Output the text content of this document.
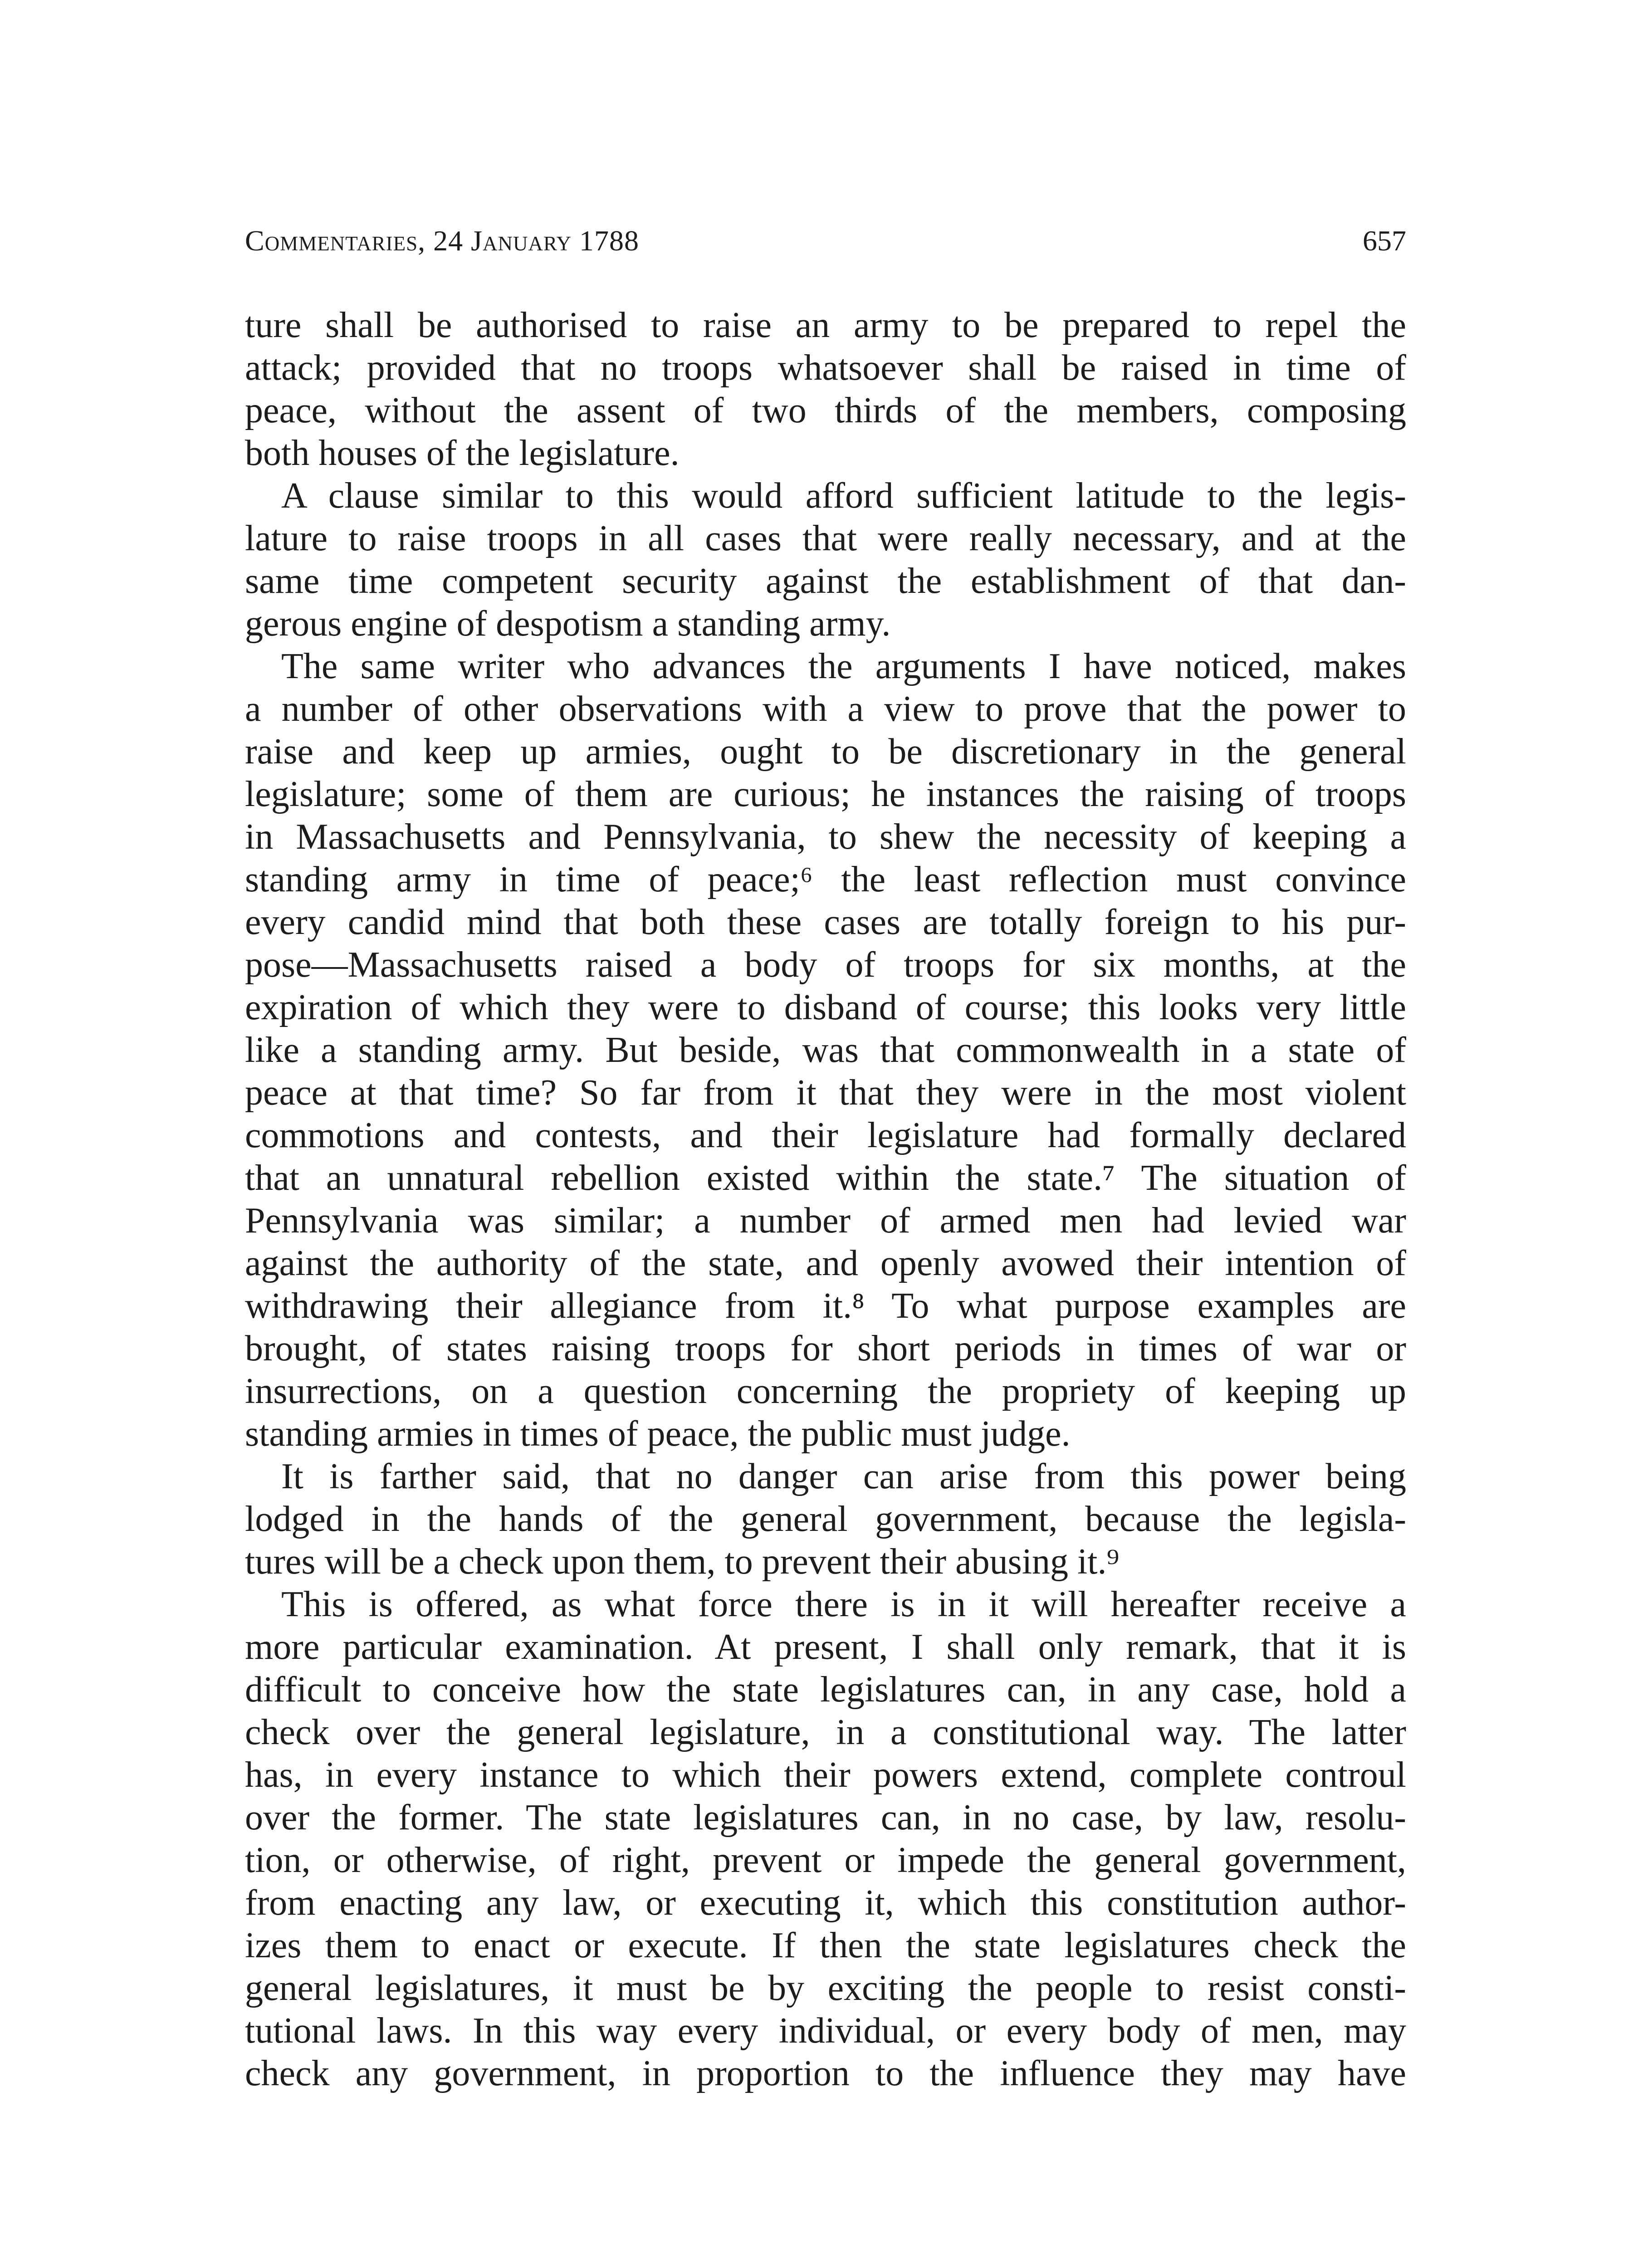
Commentaries, 24 January 1788	657
ture shall be authorised to raise an army to be prepared to repel the
attack; provided that no troops whatsoever shall be raised in time of
peace, without the assent of two thirds of the members, composing
both houses of the legislature.
A clause similar to this would afford sufficient latitude to the legis-
lature to raise troops in all cases that were really necessary, and at the
same time competent security against the establishment of that dan-
gerous engine of despotism a standing army.
The same writer who advances the arguments I have noticed, makes
a number of other observations with a view to prove that the power to
raise and keep up armies, ought to be discretionary in the general
legislature; some of them are curious; he instances the raising of troops
in Massachusetts and Pennsylvania, to shew the necessity of keeping a
standing army in time of peace;⁶ the least reflection must convince
every candid mind that both these cases are totally foreign to his pur-
pose—Massachusetts raised a body of troops for six months, at the
expiration of which they were to disband of course; this looks very little
like a standing army. But beside, was that commonwealth in a state of
peace at that time? So far from it that they were in the most violent
commotions and contests, and their legislature had formally declared
that an unnatural rebellion existed within the state.⁷ The situation of
Pennsylvania was similar; a number of armed men had levied war
against the authority of the state, and openly avowed their intention of
withdrawing their allegiance from it.⁸ To what purpose examples are
brought, of states raising troops for short periods in times of war or
insurrections, on a question concerning the propriety of keeping up
standing armies in times of peace, the public must judge.
It is farther said, that no danger can arise from this power being
lodged in the hands of the general government, because the legisla-
tures will be a check upon them, to prevent their abusing it.⁹
This is offered, as what force there is in it will hereafter receive a
more particular examination. At present, I shall only remark, that it is
difficult to conceive how the state legislatures can, in any case, hold a
check over the general legislature, in a constitutional way. The latter
has, in every instance to which their powers extend, complete controul
over the former. The state legislatures can, in no case, by law, resolu-
tion, or otherwise, of right, prevent or impede the general government,
from enacting any law, or executing it, which this constitution author-
izes them to enact or execute. If then the state legislatures check the
general legislatures, it must be by exciting the people to resist consti-
tutional laws. In this way every individual, or every body of men, may
check any government, in proportion to the influence they may have
